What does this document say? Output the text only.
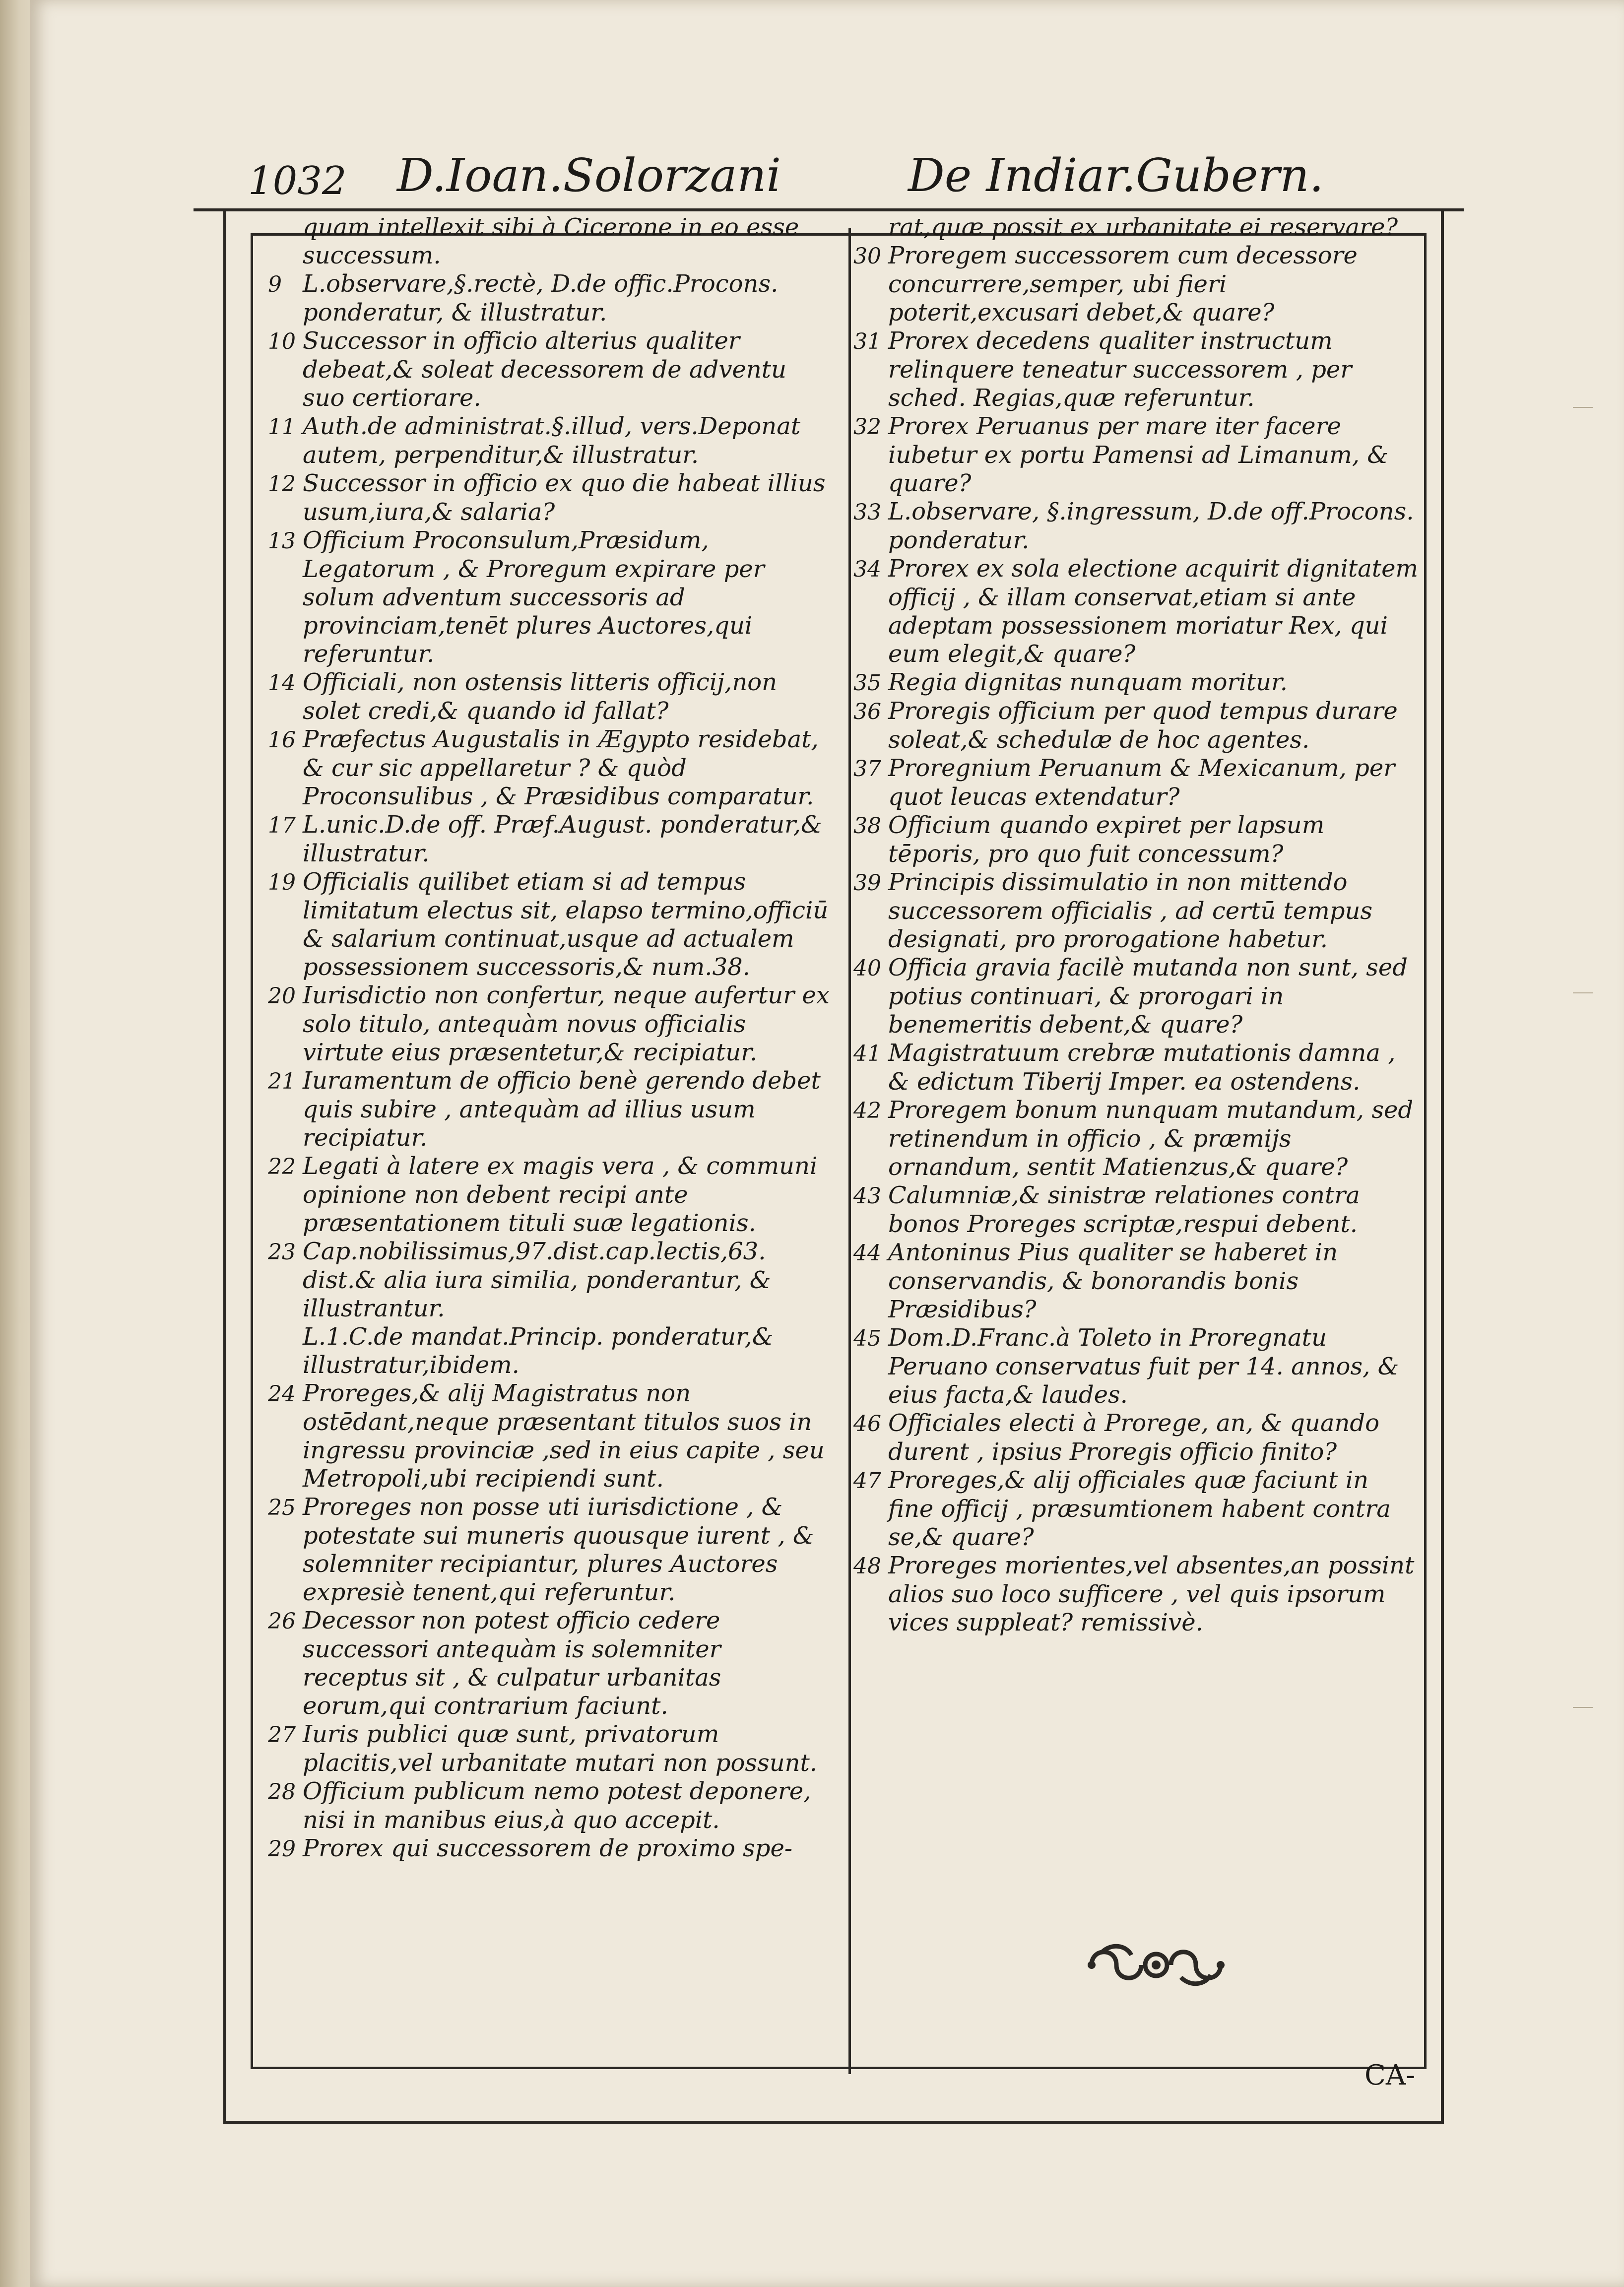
1032 D.Ioan.Solorzani	De Indiar.Gubern.

quam intellexit sibi à Cicerone in eo esse successum.

9 L.observare,§.rectè, D.de offic.Procons. ponderatur, & illustratur.

10 Successor in officio alterius qualiter debeat,& soleat decessorem de adventu suo certiorare.

11 Auth.de administrat.§.illud, vers.Deponat autem, perpenditur,& illustratur.

12 Successor in officio ex quo die habeat illius usum,iura,& salaria?

13 Officium Proconsulum,Præsidum, Legatorum , & Proregum expirare per solum adventum successoris ad provinciam,tenēt plures Auctores,qui referuntur.

14 Officiali, non ostensis litteris officij,non solet credi,& quando id fallat?

16 Præfectus Augustalis in Ægypto residebat, & cur sic appellaretur ? & quòd Proconsulibus , & Præsidibus comparatur.

17 L.unic.D.de off. Præf.August. ponderatur,& illustratur.

19 Officialis quilibet etiam si ad tempus limitatum electus sit, elapso termino,officiū & salarium continuat,usque ad actualem possessionem successoris,& num.38.

20 Iurisdictio non confertur, neque aufertur ex solo titulo, antequàm novus officialis virtute eius præsentetur,& recipiatur.

21 Iuramentum de officio benè gerendo debet quis subire , antequàm ad illius usum recipiatur.

22 Legati à latere ex magis vera , & communi opinione non debent recipi ante præsentationem tituli suæ legationis.

23 Cap.nobilissimus,97.dist.cap.lectis,63. dist.& alia iura similia, ponderantur, & illustrantur.

L.1.C.de mandat.Princip. ponderatur,& illustratur,ibidem.

24 Proreges,& alij Magistratus non ostēdant,neque præsentant titulos suos in ingressu provinciæ ,sed in eius capite , seu Metropoli,ubi recipiendi sunt.

25 Proreges non posse uti iurisdictione , & potestate sui muneris quousque iurent , & solemniter recipiantur, plures Auctores expresiè tenent,qui referuntur.

26 Decessor non potest officio cedere successori antequàm is solemniter receptus sit , & culpatur urbanitas eorum,qui contrarium faciunt.

27 Iuris publici quæ sunt, privatorum placitis,vel urbanitate mutari non possunt.

28 Officium publicum nemo potest deponere, nisi in manibus eius,à quo accepit.

29 Prorex qui successorem de proximo spe-

rat,quæ possit ex urbanitate ei reservare?

30 Proregem successorem cum decessore concurrere,semper, ubi fieri poterit,excusari debet,& quare?

31 Prorex decedens qualiter instructum relinquere teneatur successorem , per sched. Regias,quæ referuntur.

32 Prorex Peruanus per mare iter facere iubetur ex portu Pamensi ad Limanum, & quare?

33 L.observare, §.ingressum, D.de off.Procons. ponderatur.

34 Prorex ex sola electione acquirit dignitatem officij , & illam conservat,etiam si ante adeptam possessionem moriatur Rex, qui eum elegit,& quare?

35 Regia dignitas nunquam moritur.

36 Proregis officium per quod tempus durare soleat,& schedulæ de hoc agentes.

37 Proregnium Peruanum & Mexicanum, per quot leucas extendatur?

38 Officium quando expiret per lapsum tēporis, pro quo fuit concessum?

39 Principis dissimulatio in non mittendo successorem officialis , ad certū tempus designati, pro prorogatione habetur.

40 Officia gravia facilè mutanda non sunt, sed potius continuari, & prorogari in benemeritis debent,& quare?

41 Magistratuum crebræ mutationis damna , & edictum Tiberij Imper. ea ostendens.

42 Proregem bonum nunquam mutandum, sed retinendum in officio , & præmijs ornandum, sentit Matienzus,& quare?

43 Calumniæ,& sinistræ relationes contra bonos Proreges scriptæ,respui debent.

44 Antoninus Pius qualiter se haberet in conservandis, & bonorandis bonis Præsidibus?

45 Dom.D.Franc.à Toleto in Proregnatu Peruano conservatus fuit per 14. annos, & eius facta,& laudes.

46 Officiales electi à Prorege, an, & quando durent , ipsius Proregis officio finito?

47 Proreges,& alij officiales quæ faciunt in fine officij , præsumtionem habent contra se,& quare?

48 Proreges morientes,vel absentes,an possint alios suo loco sufficere , vel quis ipsorum vices suppleat? remissivè.

CA-
